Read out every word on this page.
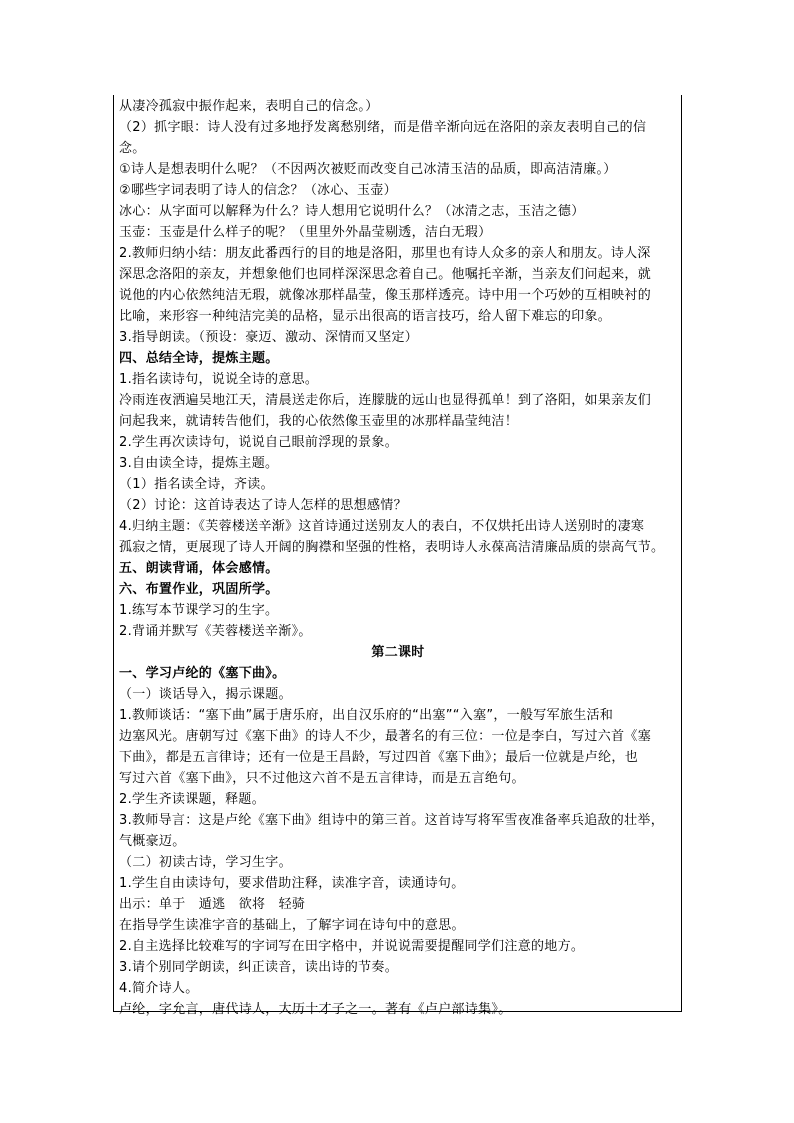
从凄冷孤寂中振作起来，表明自己的信念。）
（2）抓字眼：诗人没有过多地抒发离愁别绪，而是借辛渐向远在洛阳的亲友表明自己的信
念。
①诗人是想表明什么呢？（不因两次被贬而改变自己冰清玉洁的品质，即高洁清廉。）
②哪些字词表明了诗人的信念？（冰心、玉壶）
冰心：从字面可以解释为什么？诗人想用它说明什么？（冰清之志，玉洁之德）
玉壶：玉壶是什么样子的呢？（里里外外晶莹剔透，洁白无瑕）
2.教师归纳小结：朋友此番西行的目的地是洛阳，那里也有诗人众多的亲人和朋友。诗人深
深思念洛阳的亲友，并想象他们也同样深深思念着自己。他嘱托辛渐，当亲友们问起来，就
说他的内心依然纯洁无瑕，就像冰那样晶莹，像玉那样透亮。诗中用一个巧妙的互相映衬的
比喻，来形容一种纯洁完美的品格，显示出很高的语言技巧，给人留下难忘的印象。
3.指导朗读。（预设：豪迈、激动、深情而又坚定）
四、总结全诗，提炼主题。
1.指名读诗句，说说全诗的意思。
冷雨连夜洒遍吴地江天，清晨送走你后，连朦胧的远山也显得孤单！到了洛阳，如果亲友们
问起我来，就请转告他们，我的心依然像玉壶里的冰那样晶莹纯洁！
2.学生再次读诗句，说说自己眼前浮现的景象。
3.自由读全诗，提炼主题。
（1）指名读全诗，齐读。
（2）讨论：这首诗表达了诗人怎样的思想感情？
4.归纳主题：《芙蓉楼送辛渐》这首诗通过送别友人的表白，不仅烘托出诗人送别时的凄寒
孤寂之情，更展现了诗人开阔的胸襟和坚强的性格，表明诗人永葆高洁清廉品质的崇高气节。
五、朗读背诵，体会感情。
六、布置作业，巩固所学。
1.练写本节课学习的生字。
2.背诵并默写《芙蓉楼送辛渐》。
第二课时
一、学习卢纶的《塞下曲》。
（一）谈话导入，揭示课题。
1.教师谈话：“塞下曲”属于唐乐府，出自汉乐府的“出塞”“入塞”，一般写军旅生活和
边塞风光。唐朝写过《塞下曲》的诗人不少，最著名的有三位：一位是李白，写过六首《塞
下曲》，都是五言律诗；还有一位是王昌龄，写过四首《塞下曲》；最后一位就是卢纶，也
写过六首《塞下曲》，只不过他这六首不是五言律诗，而是五言绝句。
2.学生齐读课题，释题。
3.教师导言：这是卢纶《塞下曲》组诗中的第三首。这首诗写将军雪夜准备率兵追敌的壮举，
气概豪迈。
（二）初读古诗，学习生字。
1.学生自由读诗句，要求借助注释，读准字音，读通诗句。
出示：单于　遁逃　欲将　轻骑
在指导学生读准字音的基础上，了解字词在诗句中的意思。
2.自主选择比较难写的字词写在田字格中，并说说需要提醒同学们注意的地方。
3.请个别同学朗读，纠正读音，读出诗的节奏。
4.简介诗人。
卢纶，字允言，唐代诗人，大历十才子之一。著有《卢户部诗集》。
